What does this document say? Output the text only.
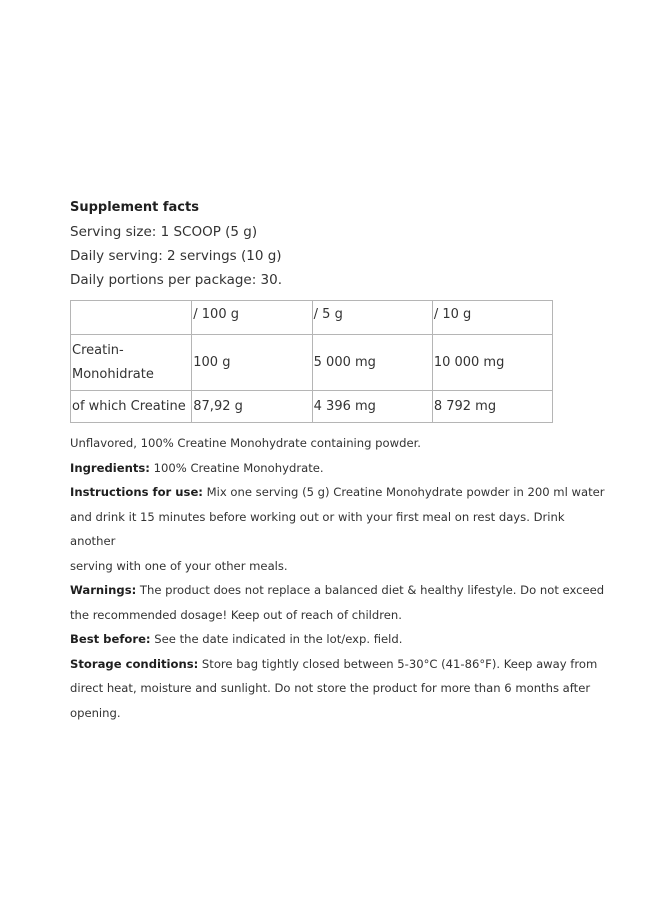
Supplement facts

Serving size: 1 SCOOP (5 g)

Daily serving: 2 servings (10 g)

Daily portions per package: 30.

	/ 100 g	/ 5 g	/ 10 g

Creatin-
Monohidrate	100 g	5 000 mg	10 000 mg
of which Creatine	87,92 g	4 396 mg	8 792 mg

Unflavored, 100% Creatine Monohydrate containing powder.

Ingredients: 100% Creatine Monohydrate.

Instructions for use: Mix one serving (5 g) Creatine Monohydrate powder in 200 ml water
and drink it 15 minutes before working out or with your first meal on rest days. Drink another
serving with one of your other meals.

Warnings: The product does not replace a balanced diet & healthy lifestyle. Do not exceed
the recommended dosage! Keep out of reach of children.

Best before: See the date indicated in the lot/exp. field.

Storage conditions: Store bag tightly closed between 5-30°C (41-86°F). Keep away from
direct heat, moisture and sunlight. Do not store the product for more than 6 months after
opening.
